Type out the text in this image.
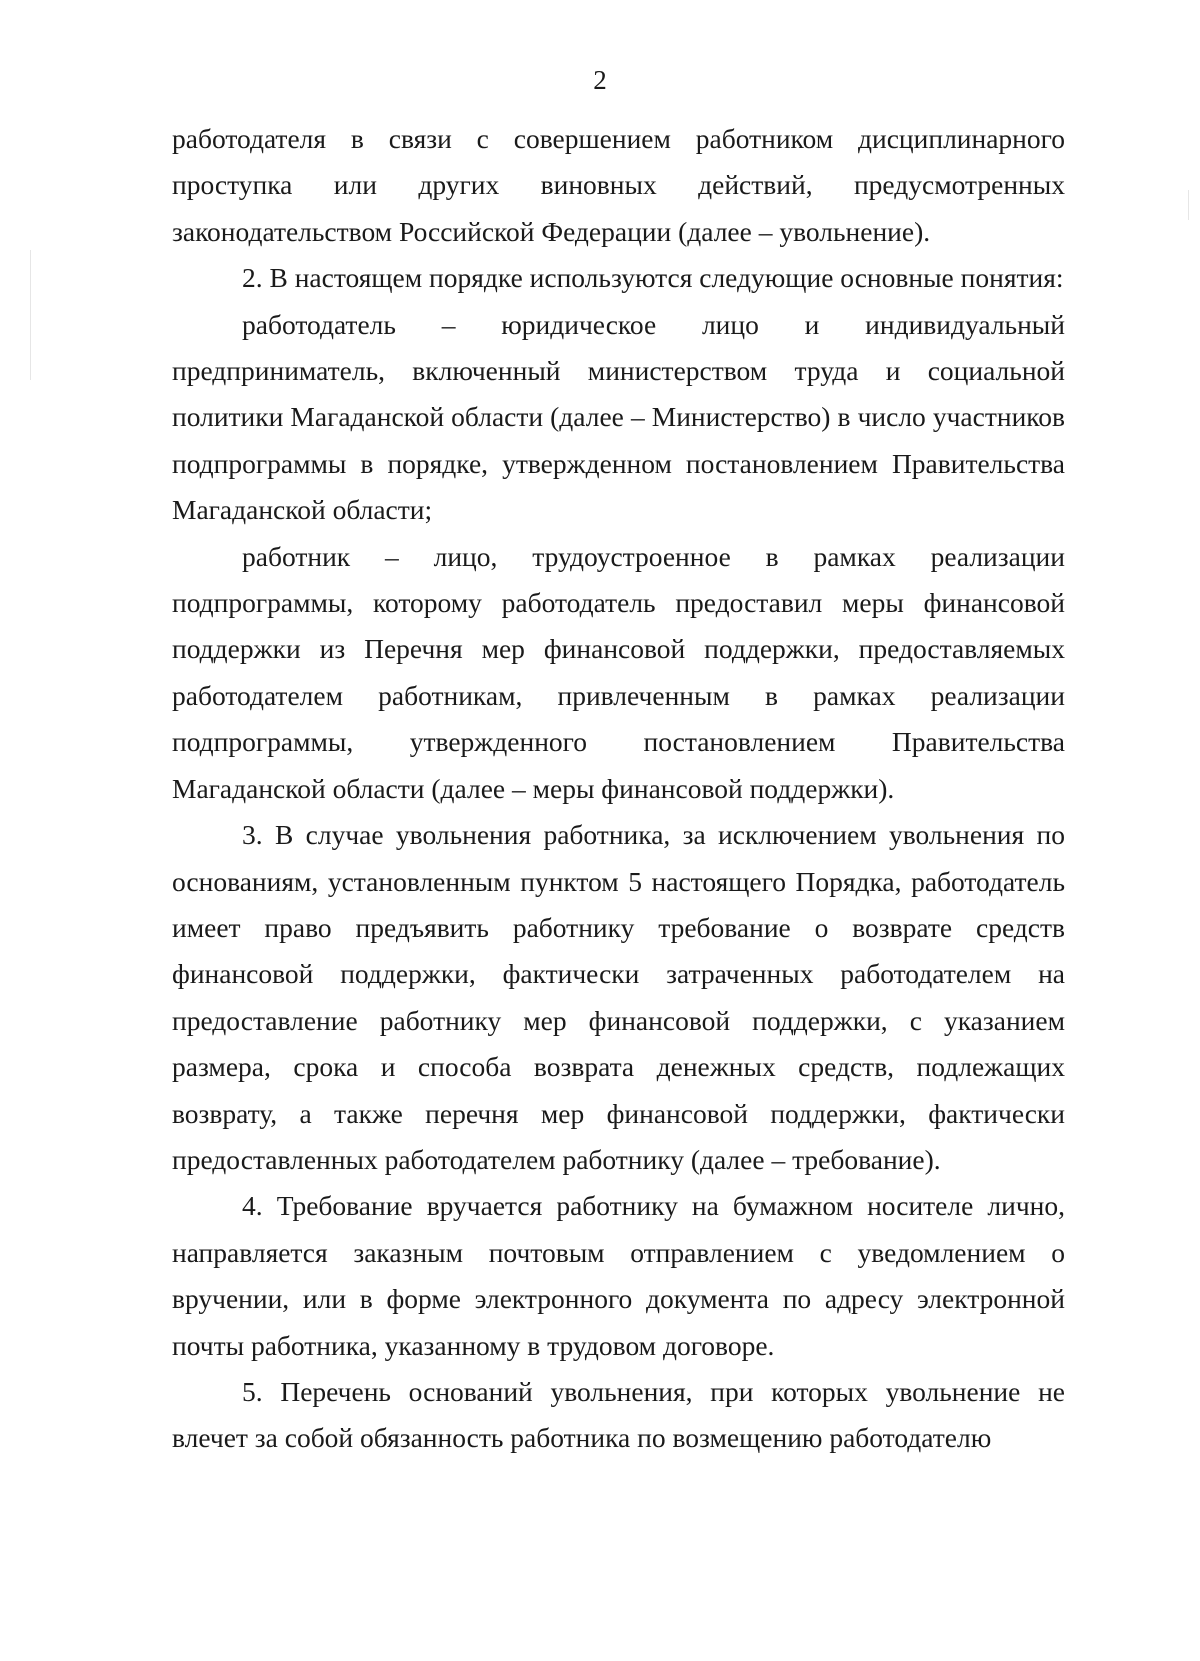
2

работодателя в связи с совершением работником дисциплинарного проступка или других виновных действий, предусмотренных законодательством Российской Федерации (далее – увольнение).

2. В настоящем порядке используются следующие основные понятия:

работодатель – юридическое лицо и индивидуальный предприниматель, включенный министерством труда и социальной политики Магаданской области (далее – Министерство) в число участников подпрограммы в порядке, утвержденном постановлением Правительства Магаданской области;

работник – лицо, трудоустроенное в рамках реализации подпрограммы, которому работодатель предоставил меры финансовой поддержки из Перечня мер финансовой поддержки, предоставляемых работодателем работникам, привлеченным в рамках реализации подпрограммы, утвержденного постановлением Правительства Магаданской области (далее – меры финансовой поддержки).

3. В случае увольнения работника, за исключением увольнения по основаниям, установленным пунктом 5 настоящего Порядка, работодатель имеет право предъявить работнику требование о возврате средств финансовой поддержки, фактически затраченных работодателем на предоставление работнику мер финансовой поддержки, с указанием размера, срока и способа возврата денежных средств, подлежащих возврату, а также перечня мер финансовой поддержки, фактически предоставленных работодателем работнику (далее – требование).

4. Требование вручается работнику на бумажном носителе лично, направляется заказным почтовым отправлением с уведомлением о вручении, или в форме электронного документа по адресу электронной почты работника, указанному в трудовом договоре.

5. Перечень оснований увольнения, при которых увольнение не влечет за собой обязанность работника по возмещению работодателю
